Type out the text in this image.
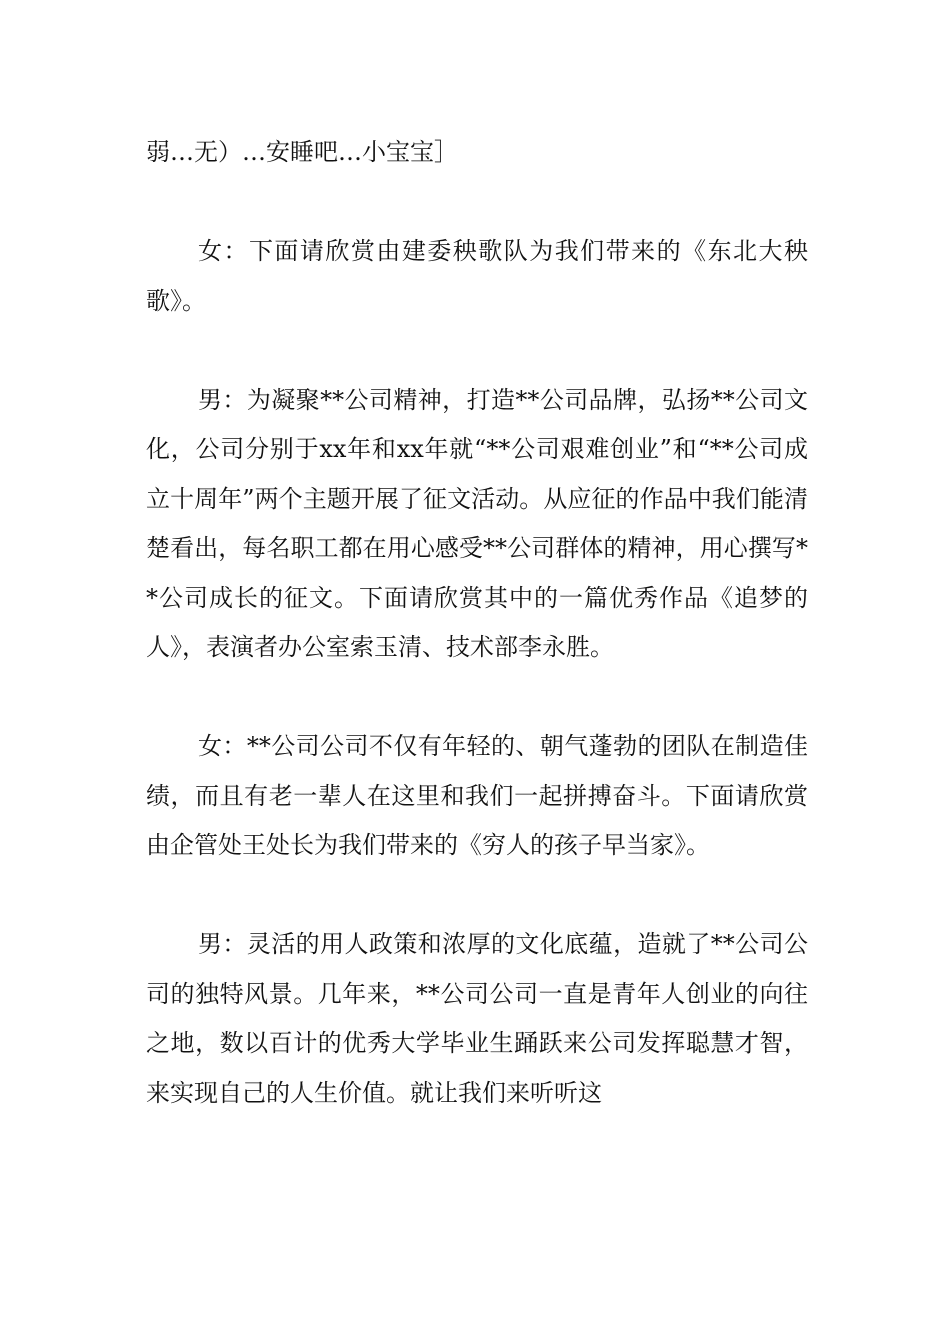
弱…无）…安睡吧…小宝宝］

女：下面请欣赏由建委秧歌队为我们带来的《东北大秧歌》。

男：为凝聚**公司精神，打造**公司品牌，弘扬**公司文化，公司分别于xx年和xx年就“**公司艰难创业”和“**公司成立十周年”两个主题开展了征文活动。从应征的作品中我们能清楚看出，每名职工都在用心感受**公司群体的精神，用心撰写**公司成长的征文。下面请欣赏其中的一篇优秀作品《追梦的人》，表演者办公室索玉清、技术部李永胜。

女：**公司公司不仅有年轻的、朝气蓬勃的团队在制造佳绩，而且有老一辈人在这里和我们一起拼搏奋斗。下面请欣赏由企管处王处长为我们带来的《穷人的孩子早当家》。

男：灵活的用人政策和浓厚的文化底蕴，造就了**公司公司的独特风景。几年来，**公司公司一直是青年人创业的向往之地，数以百计的优秀大学毕业生踊跃来公司发挥聪慧才智，来实现自己的人生价值。就让我们来听听这
